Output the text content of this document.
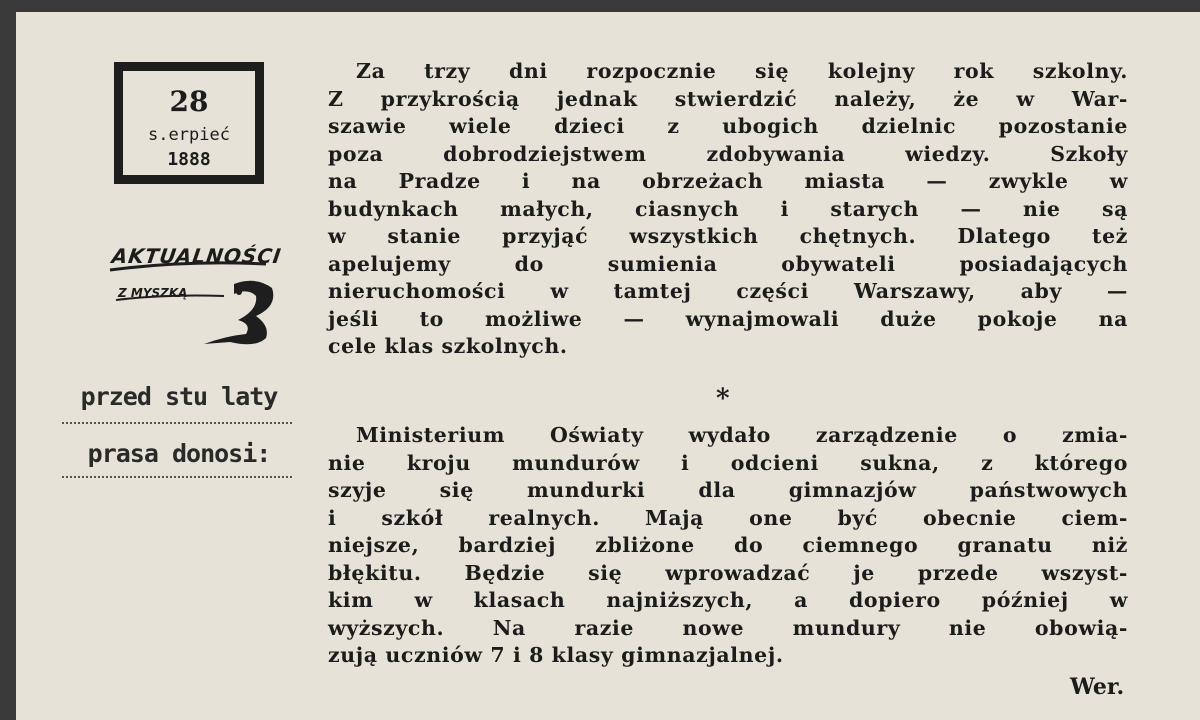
28
s.erpieć
1888
AKTUALNOŚCI
Z MYSZKĄ
przed stu laty
prasa donosi:
Za trzy dni rozpocznie się kolejny rok szkolny.
Z przykrością jednak stwierdzić należy, że w War-
szawie wiele dzieci z ubogich dzielnic pozostanie
poza dobrodziejstwem zdobywania wiedzy. Szkoły
na Pradze i na obrzeżach miasta — zwykle w
budynkach małych, ciasnych i starych — nie są
w stanie przyjąć wszystkich chętnych. Dlatego też
apelujemy do sumienia obywateli posiadających
nieruchomości w tamtej części Warszawy, aby —
jeśli to możliwe — wynajmowali duże pokoje na
cele klas szkolnych.
*
Ministerium Oświaty wydało zarządzenie o zmia-
nie kroju mundurów i odcieni sukna, z którego
szyje się mundurki dla gimnazjów państwowych
i szkół realnych. Mają one być obecnie ciem-
niejsze, bardziej zbliżone do ciemnego granatu niż
błękitu. Będzie się wprowadzać je przede wszyst-
kim w klasach najniższych, a dopiero później w
wyższych. Na razie nowe mundury nie obowią-
zują uczniów 7 i 8 klasy gimnazjalnej.
Wer.
